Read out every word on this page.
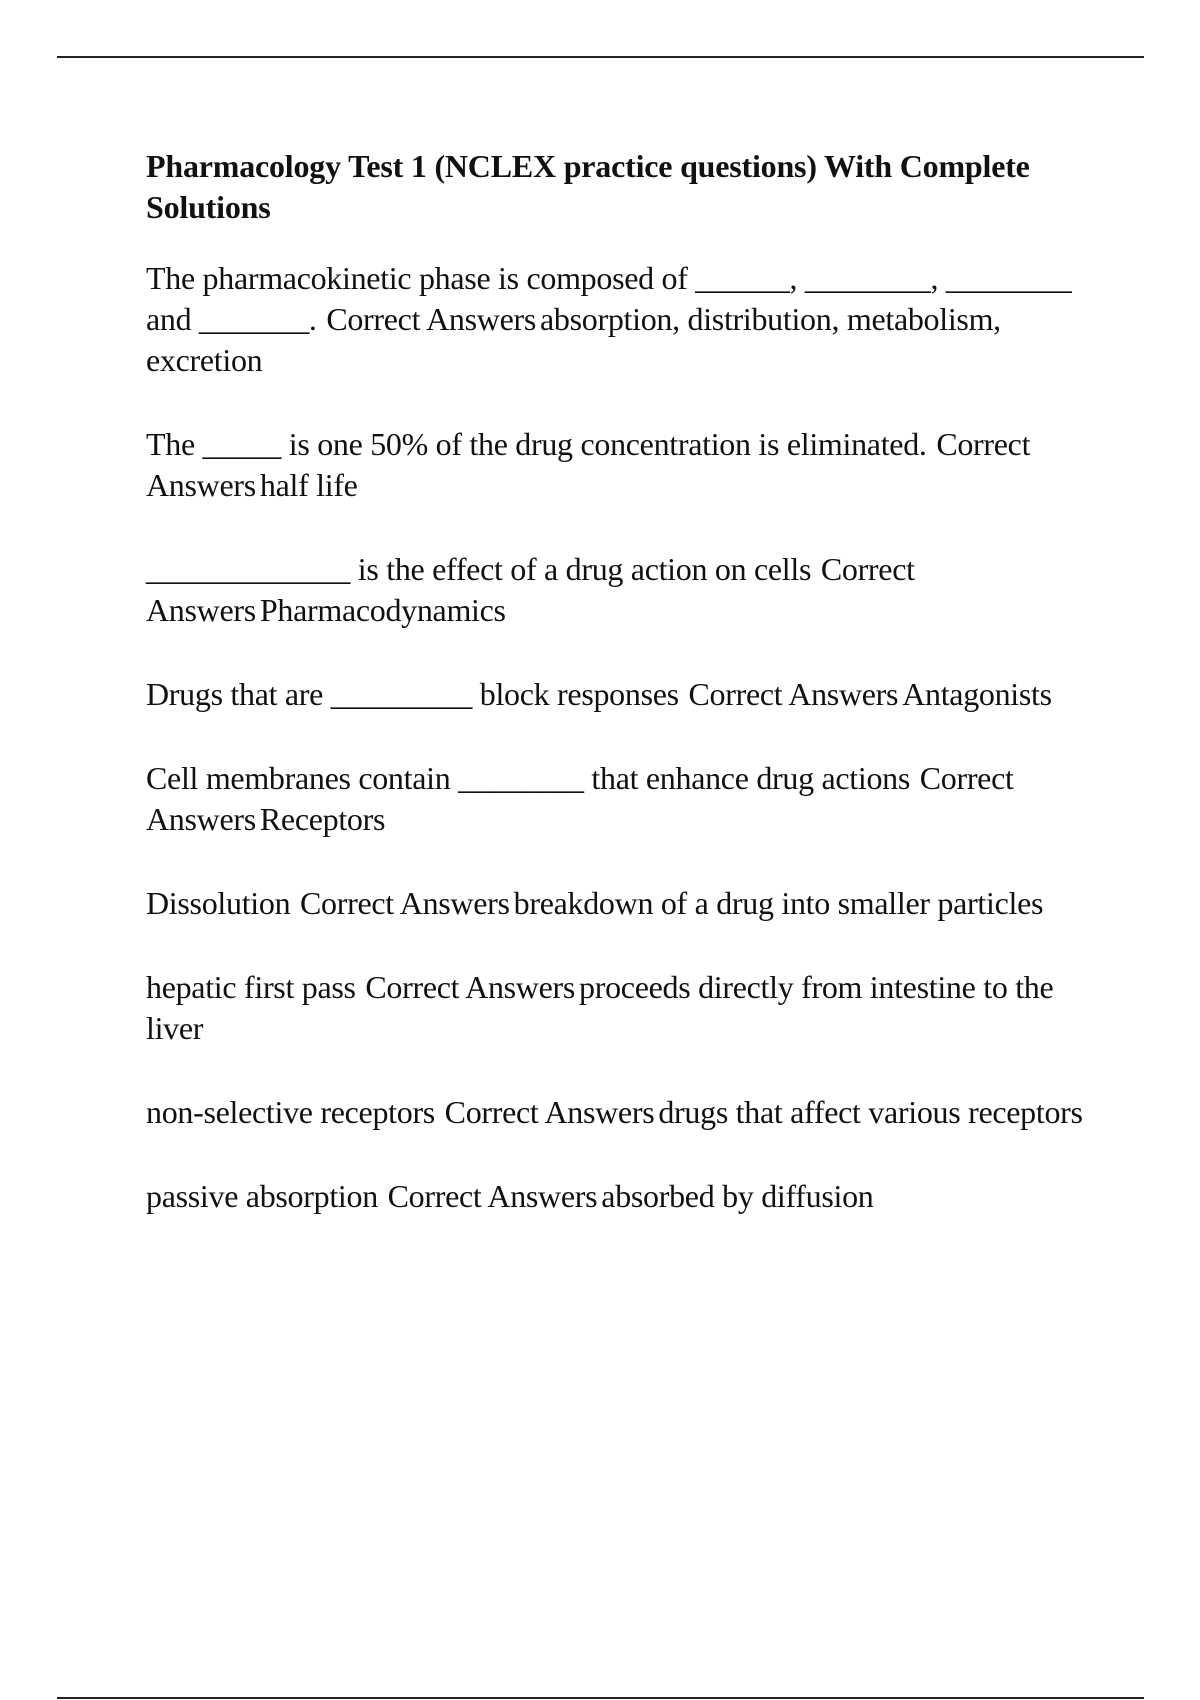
Pharmacology Test 1 (NCLEX practice questions) With Complete Solutions

The pharmacokinetic phase is composed of ______, ________, ________ and _______. Correct Answers absorption, distribution, metabolism, excretion

The _____ is one 50% of the drug concentration is eliminated. Correct Answers half life

_____________ is the effect of a drug action on cells Correct Answers Pharmacodynamics

Drugs that are _________ block responses Correct Answers Antagonists

Cell membranes contain ________ that enhance drug actions Correct Answers Receptors

Dissolution Correct Answers breakdown of a drug into smaller particles

hepatic first pass Correct Answers proceeds directly from intestine to the liver

non-selective receptors Correct Answers drugs that affect various receptors

passive absorption Correct Answers absorbed by diffusion
